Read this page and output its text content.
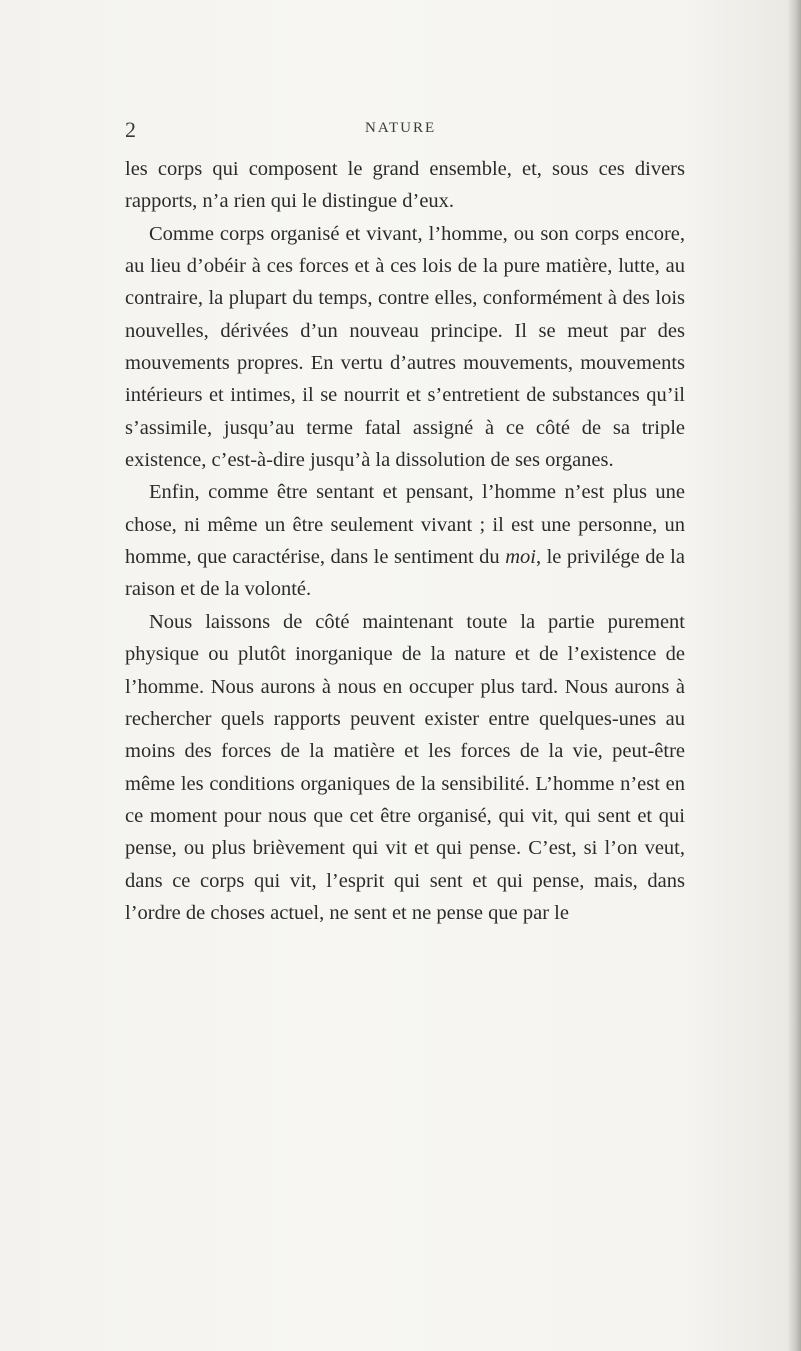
2	NATURE

les corps qui composent le grand ensemble, et, sous ces divers rapports, n’a rien qui le distingue d’eux.

Comme corps organisé et vivant, l’homme, ou son corps encore, au lieu d’obéir à ces forces et à ces lois de la pure matière, lutte, au contraire, la plupart du temps, contre elles, conformément à des lois nouvelles, dérivées d’un nouveau principe. Il se meut par des mouvements propres. En vertu d’autres mouvements, mouvements intérieurs et intimes, il se nourrit et s’entretient de substances qu’il s’assimile, jusqu’au terme fatal assigné à ce côté de sa triple existence, c’est-à-dire jusqu’à la dissolution de ses organes.

Enfin, comme être sentant et pensant, l’homme n’est plus une chose, ni même un être seulement vivant ; il est une personne, un homme, que caractérise, dans le sentiment du moi, le privilége de la raison et de la volonté.

Nous laissons de côté maintenant toute la partie purement physique ou plutôt inorganique de la nature et de l’existence de l’homme. Nous aurons à nous en occuper plus tard. Nous aurons à rechercher quels rapports peuvent exister entre quelques-unes au moins des forces de la matière et les forces de la vie, peut-être même les conditions organiques de la sensibilité. L’homme n’est en ce moment pour nous que cet être organisé, qui vit, qui sent et qui pense, ou plus brièvement qui vit et qui pense. C’est, si l’on veut, dans ce corps qui vit, l’esprit qui sent et qui pense, mais, dans l’ordre de choses actuel, ne sent et ne pense que par le
